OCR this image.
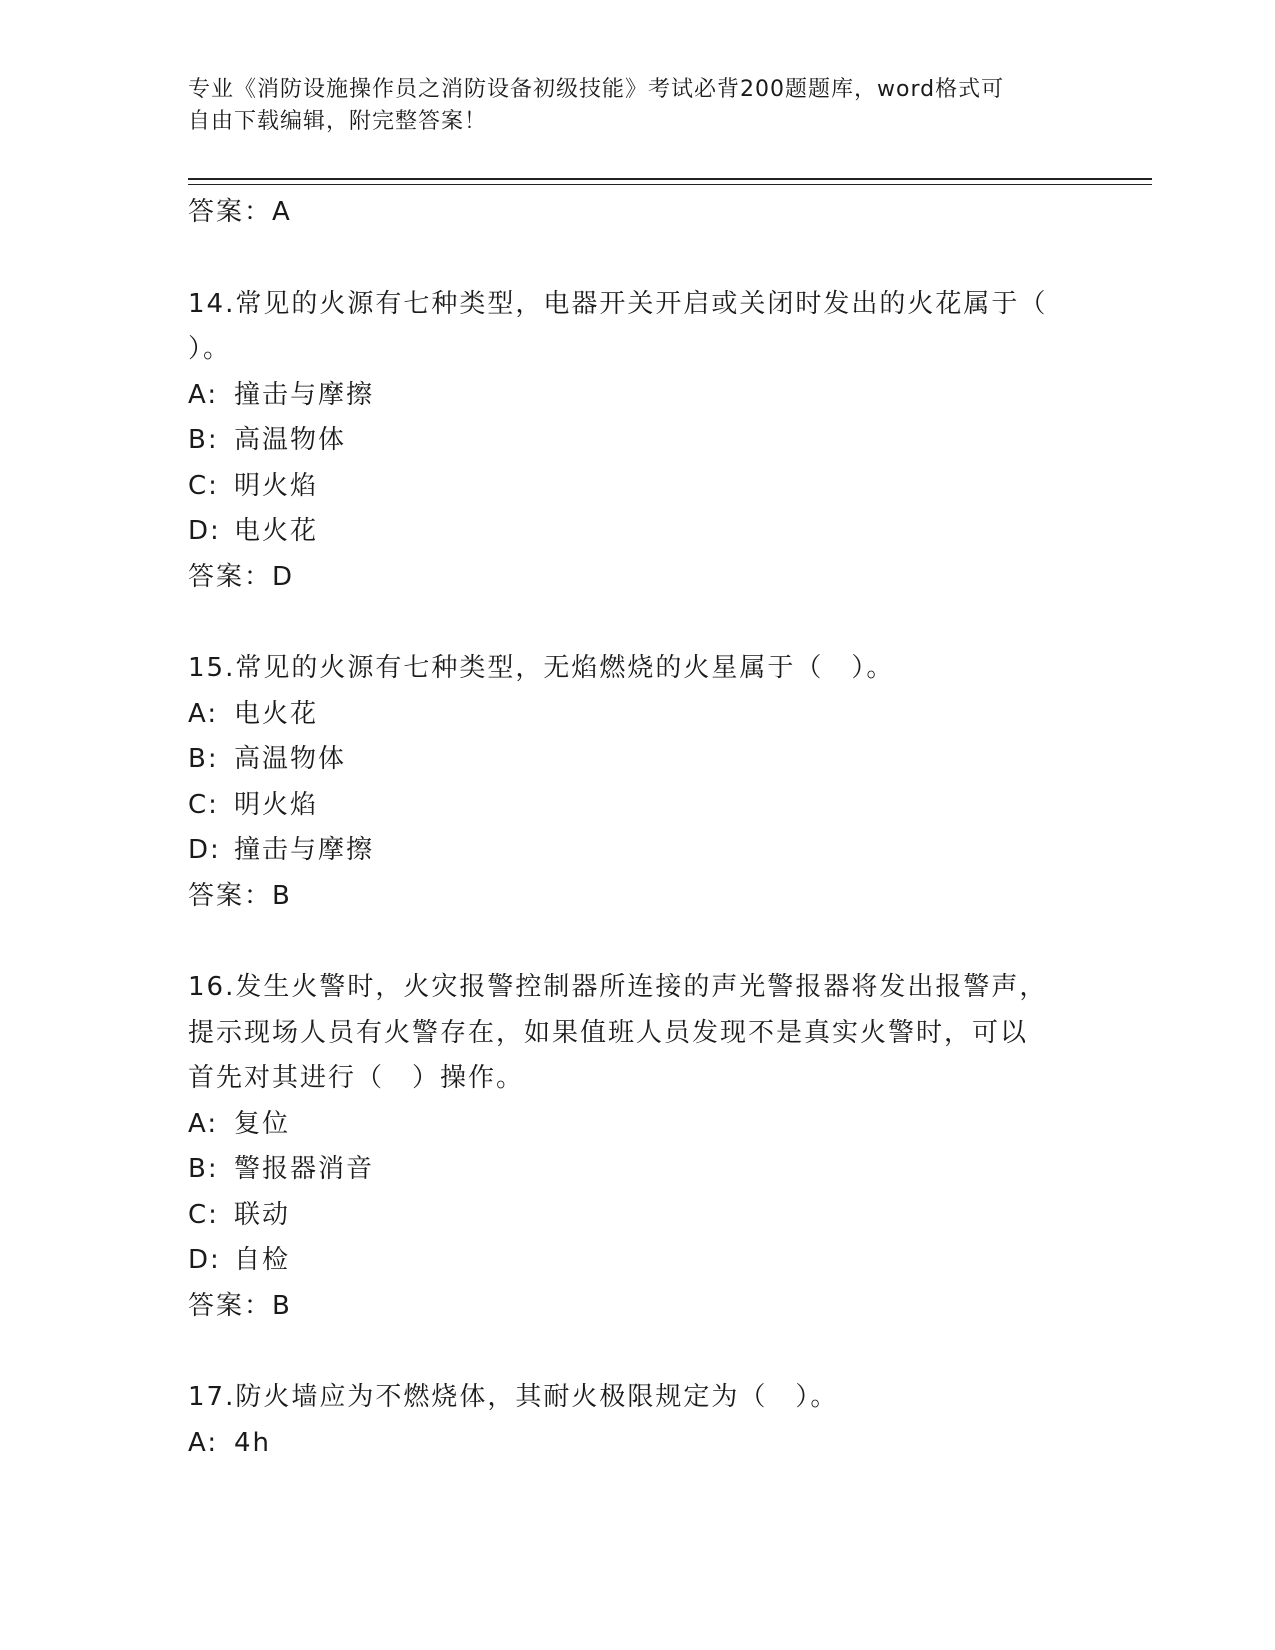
专业《消防设施操作员之消防设备初级技能》考试必背200题题库，word格式可
自由下载编辑，附完整答案！
答案：A
14.常见的火源有七种类型，电器开关开启或关闭时发出的火花属于（
）。
A: 撞击与摩擦
B: 高温物体
C: 明火焰
D: 电火花
答案：D
15.常见的火源有七种类型，无焰燃烧的火星属于（　）。
A: 电火花
B: 高温物体
C: 明火焰
D: 撞击与摩擦
答案：B
16.发生火警时，火灾报警控制器所连接的声光警报器将发出报警声，
提示现场人员有火警存在，如果值班人员发现不是真实火警时，可以
首先对其进行（　）操作。
A: 复位
B: 警报器消音
C: 联动
D: 自检
答案：B
17.防火墙应为不燃烧体，其耐火极限规定为（　）。
A: 4h
